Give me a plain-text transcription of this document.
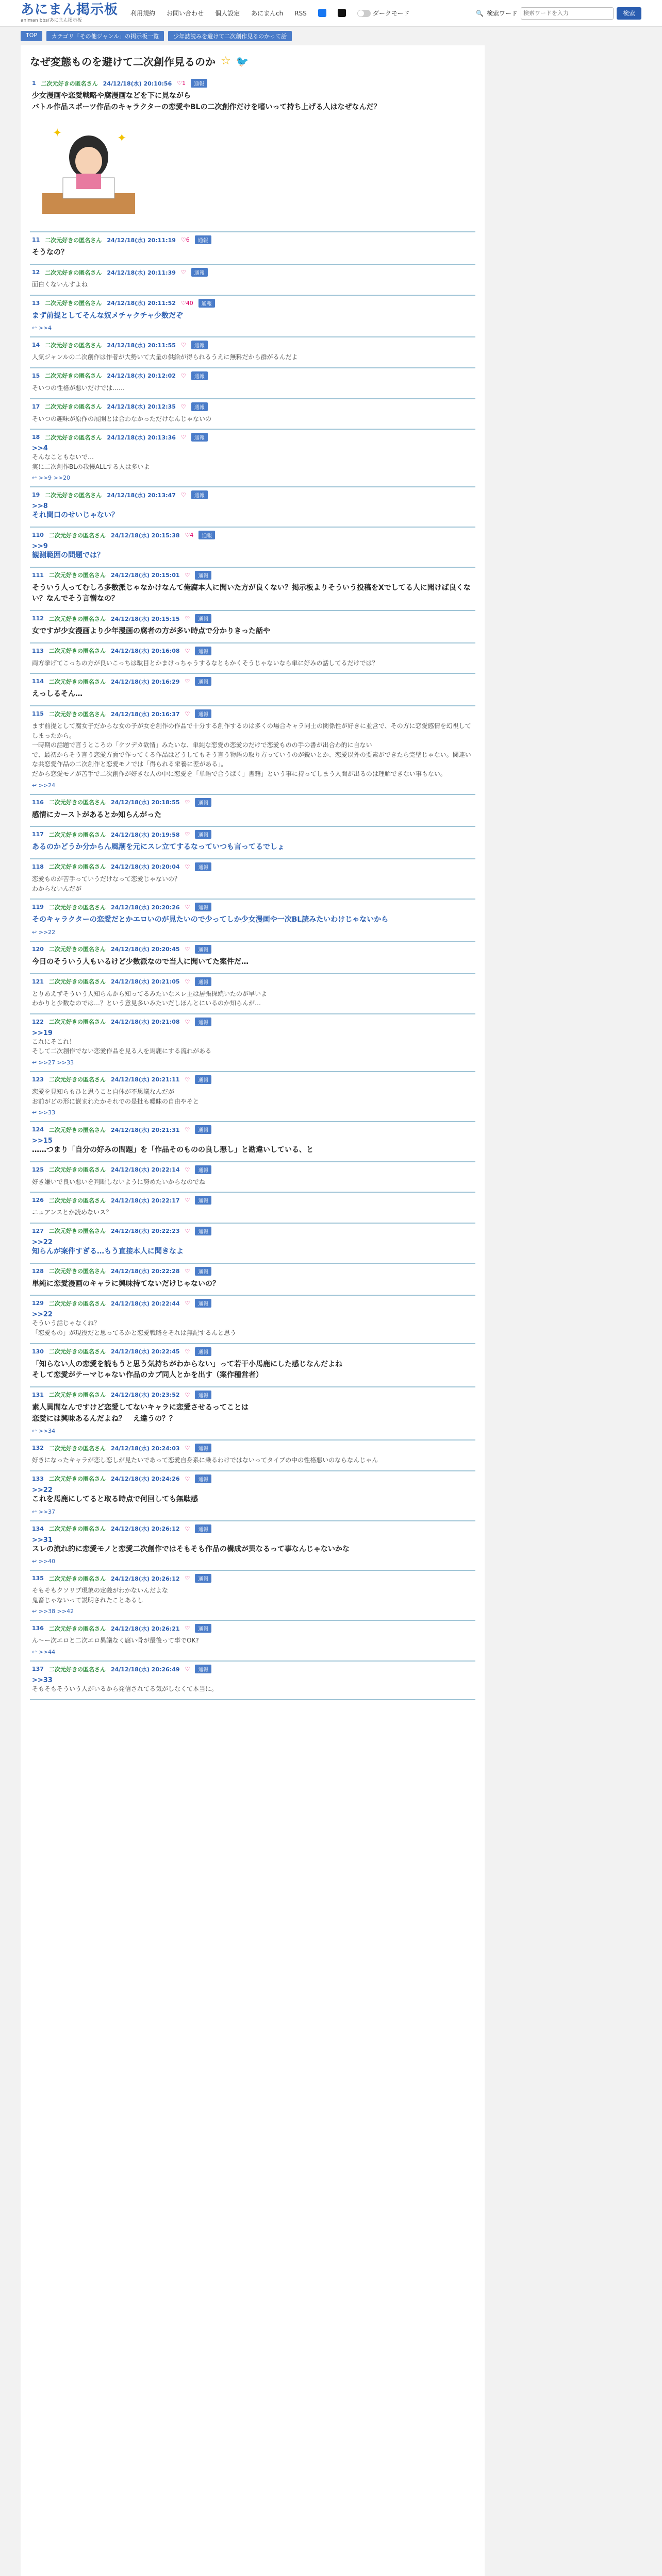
あにまん掲示板
animan bbs/あにまん掲示板
利用規約 お問い合わせ 個人設定 あにまんch RSS	ダークモード	🔍 検索ワード
検索ワードを入力	検索
TOP	カテゴリ「その他ジャンル」の掲示板一覧	少年誌読みを避けて二次創作見るのかって話
なぜ変態ものを避けて二次創作見るのか ☆ 🐦
1 二次元好きの匿名さん 24/12/18(水) 20:10:56 ♡1	通報
少女漫画や恋愛戦略や腐漫画などを下に見ながら
バトル作品スポーツ作品のキャラクターの恋愛やBLの二次創作だけを嗜いって持ち上げる人はなぜなんだ？
✦	✦
11 二次元好きの匿名さん 24/12/18(水) 20:11:19 ♡6	通報
そうなの？
12 二次元好きの匿名さん 24/12/18(水) 20:11:39 ♡	通報
面白くないんすよね
13 二次元好きの匿名さん 24/12/18(水) 20:11:52 ♡40	通報
まず前提としてそんな奴メチャクチャ少数だぞ
↩ >>4
14 二次元好きの匿名さん 24/12/18(水) 20:11:55 ♡	通報
人気ジャンルの二次創作は作者が大勢いて大量の供給が得られるうえに無料だから群がるんだよ
15 二次元好きの匿名さん 24/12/18(水) 20:12:02 ♡	通報
そいつの性格が悪いだけでは……
17 二次元好きの匿名さん 24/12/18(水) 20:12:35 ♡	通報
そいつの趣味が原作の展開とは合わなかっただけなんじゃないの
18 二次元好きの匿名さん 24/12/18(水) 20:13:36 ♡	通報
>>4
そんなこともないで…
実に二次創作BLの我慢ALLする人は多いよ
↩ >>9 >>20
19 二次元好きの匿名さん 24/12/18(水) 20:13:47 ♡	通報
>>8
それ間口のせいじゃない？
110 二次元好きの匿名さん 24/12/18(水) 20:15:38 ♡4	通報
>>9
観測範囲の問題では？
111 二次元好きの匿名さん 24/12/18(水) 20:15:01 ♡	通報
そういう人ってむしろ多数派じゃなかけなんて俺腐本人に聞いた方が良くない？掲示板よりそういう投稿をXでしてる人に聞けば良くない？なんでそう言憎なの？
112 二次元好きの匿名さん 24/12/18(水) 20:15:15 ♡	通報
女ですが少女漫画より少年漫画の腐者の方が多い時点で分かりきった話や
113 二次元好きの匿名さん 24/12/18(水) 20:16:08 ♡	通報
両方挙げてこっちの方が良いこっちは駄目とかまけっちゃうするなともかくそうじゃないなら単に好みの話してるだけでは？
114 二次元好きの匿名さん 24/12/18(水) 20:16:29 ♡	通報
えっしるそん…
115 二次元好きの匿名さん 24/12/18(水) 20:16:37 ♡	通報
まず前提として腐女子だからな女の子が女を創作の作品で十分する創作するのは多くの場合キャラ同士の関係性が好きに並営で、その方に恋愛感情を幻視してしまったから。
一時期の話題で言うところの「ケツデカ欲情」みたいな、単純な恋愛の恋愛のだけで恋愛ものの手の書が出合わ的に自ない
で、最初からそう言う恋愛方面で作ってくる作品はどうしてもそう言う物語の取り方っていうのが鋭いとか、恋愛以外の要素ができたら完壁じゃない。関連いな共恋愛作品の二次創作と恋愛モノでは「得られる栄養に差がある」。
だから恋愛モノが苦手で二次創作が好きな人の中に恋愛を「単語で合うばく」書籍」という事に持ってしまう人間が出るのは理解できない事もない。
↩ >>24
116 二次元好きの匿名さん 24/12/18(水) 20:18:55 ♡	通報
感情にカーストがあるとか知らんがった
117 二次元好きの匿名さん 24/12/18(水) 20:19:58 ♡	通報
あるのかどうか分からん風潮を元にスレ立てするなっていつも言ってるでしょ
118 二次元好きの匿名さん 24/12/18(水) 20:20:04 ♡	通報
恋愛ものが苦手っていうだけなって恋愛じゃないの？
わからないんだが
119 二次元好きの匿名さん 24/12/18(水) 20:20:26 ♡	通報
そのキャラクターの恋愛だとかエロいのが見たいので少ってしか少女漫画や一次BL読みたいわけじゃないから
↩ >>22
120 二次元好きの匿名さん 24/12/18(水) 20:20:45 ♡	通報
今日のそういう人もいるけど少数派なので当人に聞いてた案件だ…
121 二次元好きの匿名さん 24/12/18(水) 20:21:05 ♡	通報
とりあえずそういう人知らんから知ってるみたいなスレ主は居張探続いたのが早いよ
わかりと少数なのでは…？という意見多いみたいだしほんとにいるのか知らんが…
122 二次元好きの匿名さん 24/12/18(水) 20:21:08 ♡	通報
>>19
これにそこれ！
そして二次創作でない恋愛作品を見る人を馬鹿にする流れがある
↩ >>27 >>33
123 二次元好きの匿名さん 24/12/18(水) 20:21:11 ♡	通報
恋愛を見知らもひと思うこと自体が不思議なんだが
お前がどの形に嵌まれたかそれでの是批も曖昧の自由やそと
↩ >>33
124 二次元好きの匿名さん 24/12/18(水) 20:21:31 ♡	通報
>>15
……つまり「自分の好みの問題」を「作品そのものの良し悪し」と勘違いしている、と
125 二次元好きの匿名さん 24/12/18(水) 20:22:14 ♡	通報
好き嫌いで良い悪いを判断しないように努めたいからなのでね
126 二次元好きの匿名さん 24/12/18(水) 20:22:17 ♡	通報
ニュアンスとか読めないス？
127 二次元好きの匿名さん 24/12/18(水) 20:22:23 ♡	通報
>>22
知らんが案件すぎる…もう直接本人に聞きなよ
128 二次元好きの匿名さん 24/12/18(水) 20:22:28 ♡	通報
単純に恋愛漫画のキャラに興味持てないだけじゃないの？
129 二次元好きの匿名さん 24/12/18(水) 20:22:44 ♡	通報
>>22
そういう話じゃなくね？
「恋愛もの」が現役だと思ってるかと恋愛戦略をそれは無記するんと思う
130 二次元好きの匿名さん 24/12/18(水) 20:22:45 ♡	通報
「知らない人の恋愛を読もうと思う気持ちがわからない」って若干小馬鹿にした感じなんだよね
そして恋愛がテーマじゃない作品のカプ同人とかを出す（案作種営者）
131 二次元好きの匿名さん 24/12/18(水) 20:23:52 ♡	通報
素人異間なんですけど恋愛してないキャラに恋愛させるってことは
恋愛には興味あるんだよね？　え違うの？？
↩ >>34
132 二次元好きの匿名さん 24/12/18(水) 20:24:03 ♡	通報
好きになったキャラが恋し恋しが見たいであって恋愛自身系に乗るわけではないってタイプの中の性格悪いのならなんじゃん
133 二次元好きの匿名さん 24/12/18(水) 20:24:26 ♡	通報
>>22
これを馬鹿にしてると取る時点で何回しても無駄感
↩ >>37
134 二次元好きの匿名さん 24/12/18(水) 20:26:12 ♡	通報
>>31
スレの流れ的に恋愛モノと恋愛二次創作ではそもそも作品の構成が異なるって事なんじゃないかな
↩ >>40
135 二次元好きの匿名さん 24/12/18(水) 20:26:12 ♡	通報
そもそもクソリプ現象の定義がわかないんだよな
鬼畜じゃないって説明されたことあるし
↩ >>38 >>42
136 二次元好きの匿名さん 24/12/18(水) 20:26:21 ♡	通報
ん～ー次エロと二次エロ異議なく腐い骨が最後って事でOK?
↩ >>44
137 二次元好きの匿名さん 24/12/18(水) 20:26:49 ♡	通報
>>33
そもそもそういう人がいるから発信されてる気がしなくて本当に。
